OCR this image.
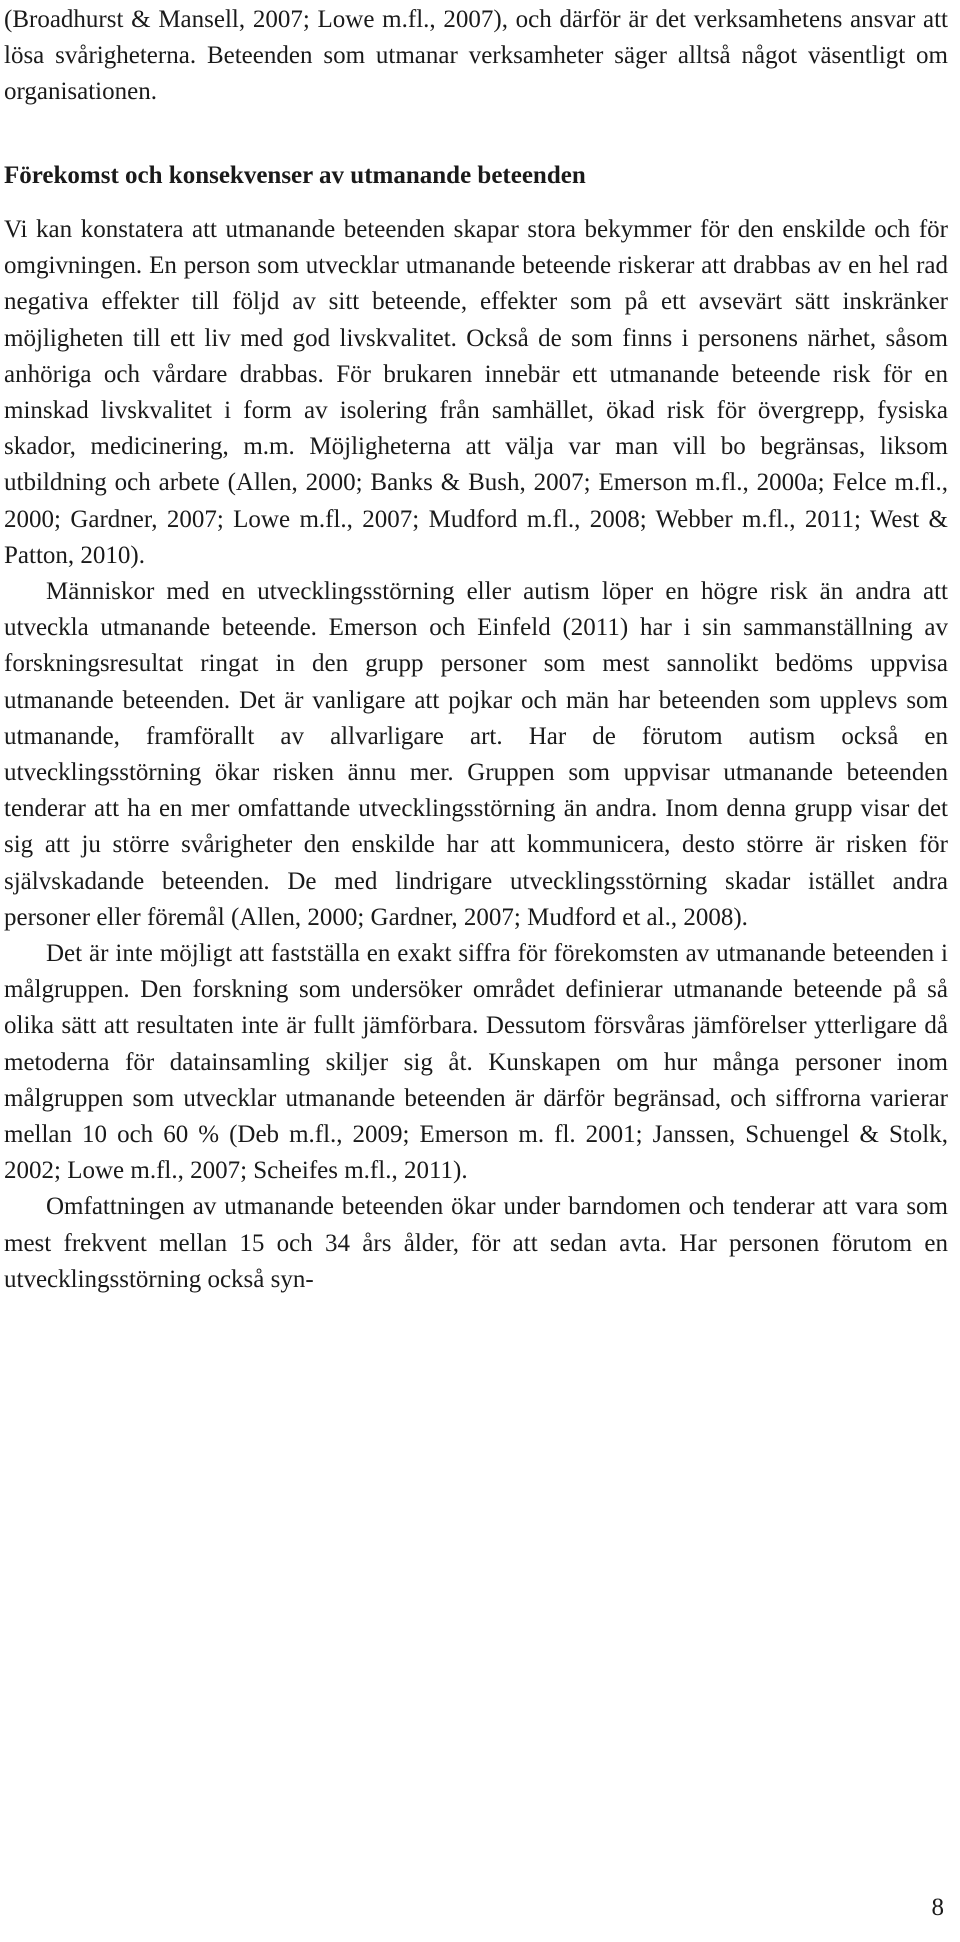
(Broadhurst & Mansell, 2007; Lowe m.fl., 2007), och därför är det verksamhetens ansvar att lösa svårigheterna. Beteenden som utmanar verksamheter säger alltså något väsentligt om organisationen.

Förekomst och konsekvenser av utmanande beteenden

Vi kan konstatera att utmanande beteenden skapar stora bekymmer för den enskilde och för omgivningen. En person som utvecklar utmanande beteende riskerar att drabbas av en hel rad negativa effekter till följd av sitt beteende, effekter som på ett avsevärt sätt inskränker möjligheten till ett liv med god livskvalitet. Också de som finns i personens närhet, såsom anhöriga och vårdare drabbas. För brukaren innebär ett utmanande beteende risk för en minskad livskvalitet i form av isolering från samhället, ökad risk för övergrepp, fysiska skador, medicinering, m.m. Möjligheterna att välja var man vill bo begränsas, liksom utbildning och arbete (Allen, 2000; Banks & Bush, 2007; Emerson m.fl., 2000a; Felce m.fl., 2000; Gardner, 2007; Lowe m.fl., 2007; Mudford m.fl., 2008; Webber m.fl., 2011; West & Patton, 2010).

Människor med en utvecklingsstörning eller autism löper en högre risk än andra att utveckla utmanande beteende. Emerson och Einfeld (2011) har i sin sammanställning av forskningsresultat ringat in den grupp personer som mest sannolikt bedöms uppvisa utmanande beteenden. Det är vanligare att pojkar och män har beteenden som upplevs som utmanande, framförallt av allvarligare art. Har de förutom autism också en utvecklingsstörning ökar risken ännu mer. Gruppen som uppvisar utmanande beteenden tenderar att ha en mer omfattande utvecklingsstörning än andra. Inom denna grupp visar det sig att ju större svårigheter den enskilde har att kommunicera, desto större är risken för självskadande beteenden. De med lindrigare utvecklingsstörning skadar istället andra personer eller föremål (Allen, 2000; Gardner, 2007; Mudford et al., 2008).

Det är inte möjligt att fastställa en exakt siffra för förekomsten av utmanande beteenden i målgruppen. Den forskning som undersöker området definierar utmanande beteende på så olika sätt att resultaten inte är fullt jämförbara. Dessutom försvåras jämförelser ytterligare då metoderna för datainsamling skiljer sig åt. Kunskapen om hur många personer inom målgruppen som utvecklar utmanande beteenden är därför begränsad, och siffrorna varierar mellan 10 och 60 % (Deb m.fl., 2009; Emerson m. fl. 2001; Janssen, Schuengel & Stolk, 2002; Lowe m.fl., 2007; Scheifes m.fl., 2011).

Omfattningen av utmanande beteenden ökar under barndomen och tenderar att vara som mest frekvent mellan 15 och 34 års ålder, för att sedan avta. Har personen förutom en utvecklingsstörning också syn-

8
